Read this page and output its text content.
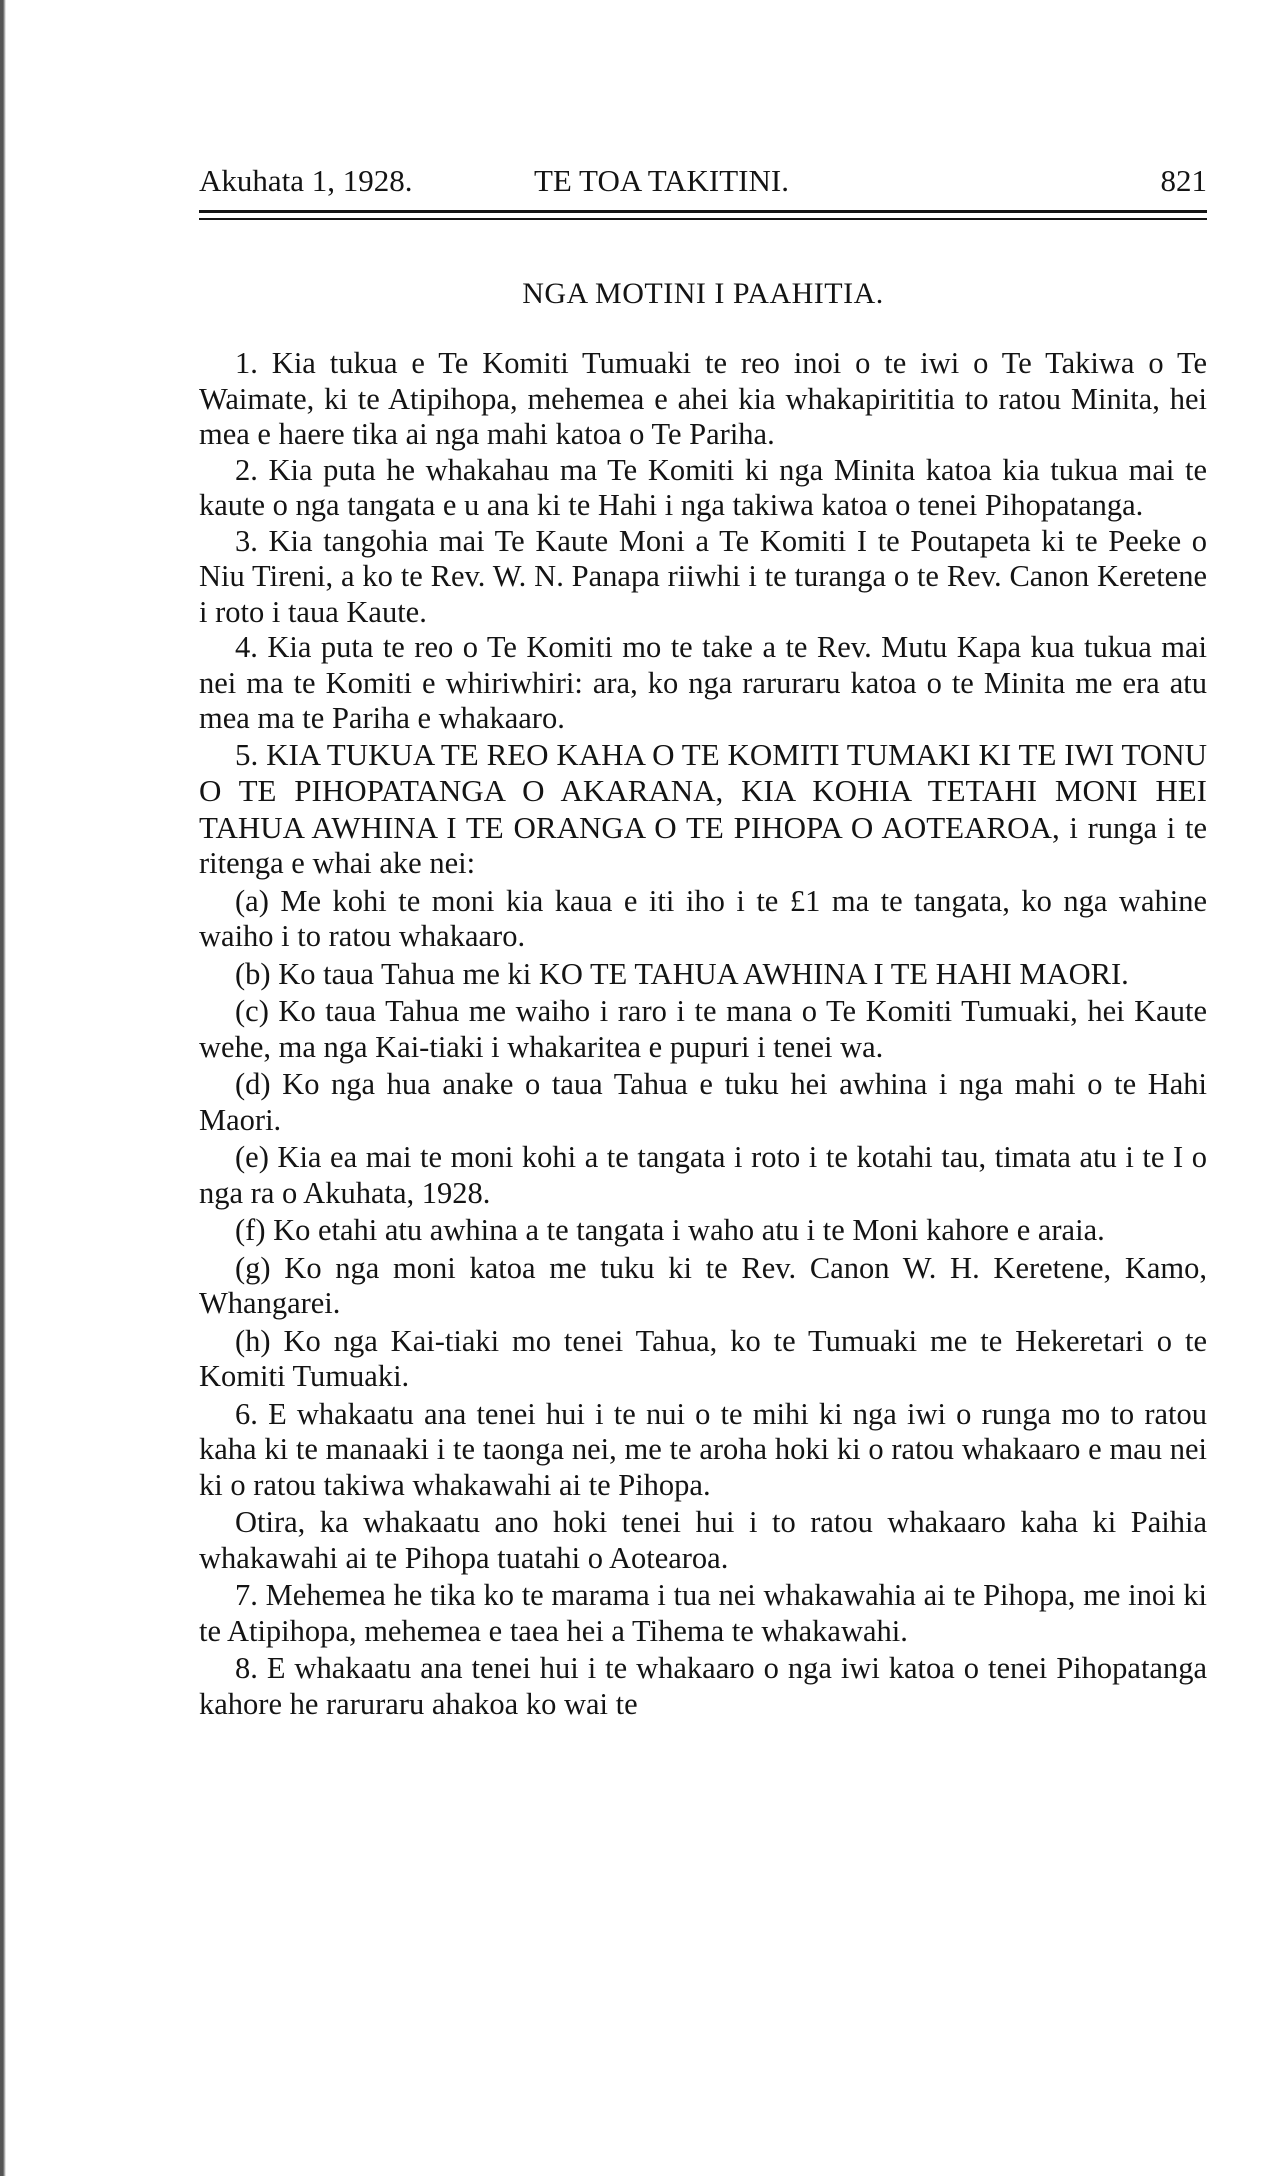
Akuhata 1, 1928.	TE TOA TAKITINI.	821
NGA MOTINI I PAAHITIA.

1. Kia tukua e Te Komiti Tumuaki te reo inoi o te iwi o Te Takiwa o Te Waimate, ki te Atipihopa, mehemea e ahei kia whakapirititia to ratou Minita, hei mea e haere tika ai nga mahi katoa o Te Pariha.

2. Kia puta he whakahau ma Te Komiti ki nga Minita katoa kia tukua mai te kaute o nga tangata e u ana ki te Hahi i nga takiwa katoa o tenei Pihopatanga.

3. Kia tangohia mai Te Kaute Moni a Te Komiti I te Poutapeta ki te Peeke o Niu Tireni, a ko te Rev. W. N. Panapa riiwhi i te turanga o te Rev. Canon Keretene i roto i taua Kaute.

4. Kia puta te reo o Te Komiti mo te take a te Rev. Mutu Kapa kua tukua mai nei ma te Komiti e whiriwhiri: ara, ko nga raruraru katoa o te Minita me era atu mea ma te Pariha e whakaaro.

5. KIA TUKUA TE REO KAHA O TE KOMITI TUMAKI KI TE IWI TONU O TE PIHOPATANGA O AKARANA, KIA KOHIA TETAHI MONI HEI TAHUA AWHINA I TE ORANGA O TE PIHOPA O AOTEAROA, i runga i te ritenga e whai ake nei:

(a) Me kohi te moni kia kaua e iti iho i te £1 ma te tangata, ko nga wahine waiho i to ratou whakaaro.

(b) Ko taua Tahua me ki KO TE TAHUA AWHINA I TE HAHI MAORI.

(c) Ko taua Tahua me waiho i raro i te mana o Te Komiti Tumuaki, hei Kaute wehe, ma nga Kai-tiaki i whakaritea e pupuri i tenei wa.

(d) Ko nga hua anake o taua Tahua e tuku hei awhina i nga mahi o te Hahi Maori.

(e) Kia ea mai te moni kohi a te tangata i roto i te kotahi tau, timata atu i te I o nga ra o Akuhata, 1928.

(f) Ko etahi atu awhina a te tangata i waho atu i te Moni kahore e araia.

(g) Ko nga moni katoa me tuku ki te Rev. Canon W. H. Keretene, Kamo, Whangarei.

(h) Ko nga Kai-tiaki mo tenei Tahua, ko te Tumuaki me te Hekeretari o te Komiti Tumuaki.

6. E whakaatu ana tenei hui i te nui o te mihi ki nga iwi o runga mo to ratou kaha ki te manaaki i te taonga nei, me te aroha hoki ki o ratou whakaaro e mau nei ki o ratou takiwa whakawahi ai te Pihopa.

Otira, ka whakaatu ano hoki tenei hui i to ratou whakaaro kaha ki Paihia whakawahi ai te Pihopa tuatahi o Aotearoa.

7. Mehemea he tika ko te marama i tua nei whakawahia ai te Pihopa, me inoi ki te Atipihopa, mehemea e taea hei a Tihema te whakawahi.

8. E whakaatu ana tenei hui i te whakaaro o nga iwi katoa o tenei Pihopatanga kahore he raruraru ahakoa ko wai te
